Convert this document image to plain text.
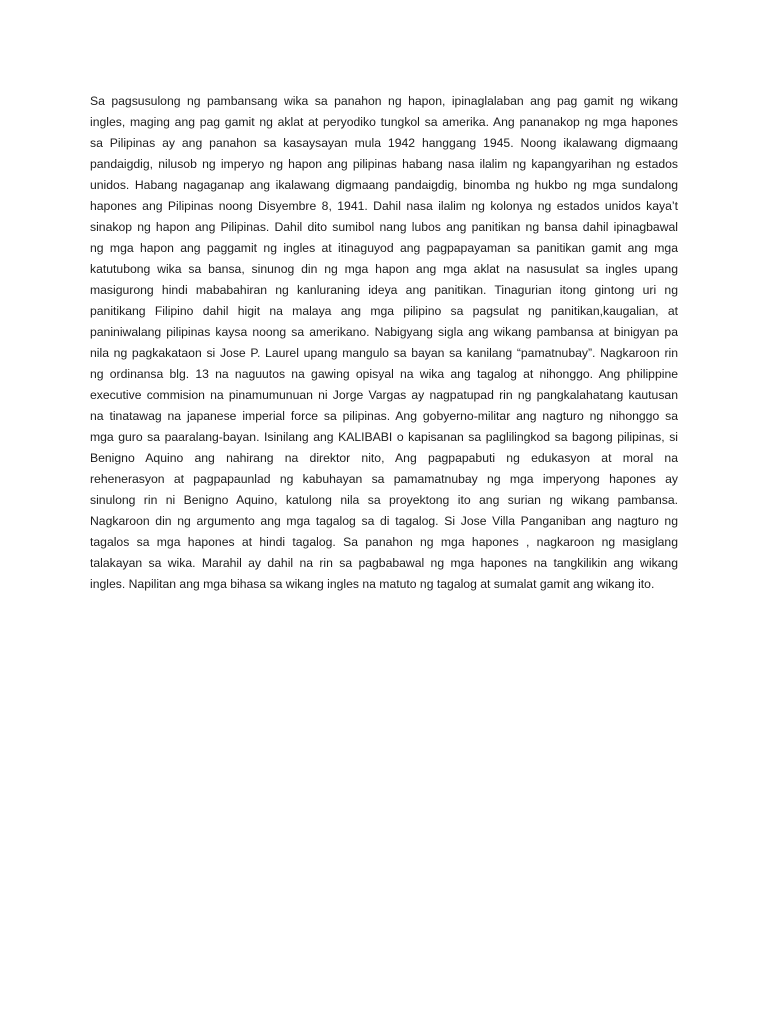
Sa pagsusulong ng pambansang wika sa panahon ng hapon, ipinaglalaban ang pag gamit ng wikang
ingles, maging ang pag gamit ng aklat at peryodiko tungkol sa amerika. Ang pananakop ng mga hapones
sa Pilipinas ay ang panahon sa kasaysayan mula 1942 hanggang 1945. Noong ikalawang digmaang
pandaigdig, nilusob ng imperyo ng hapon ang pilipinas habang nasa ilalim ng kapangyarihan ng estados
unidos. Habang nagaganap ang ikalawang digmaang pandaigdig, binomba ng hukbo ng mga sundalong
hapones ang Pilipinas noong Disyembre 8, 1941. Dahil nasa ilalim ng kolonya ng estados unidos kaya’t
sinakop ng hapon ang Pilipinas. Dahil dito sumibol nang lubos ang panitikan ng bansa dahil ipinagbawal
ng mga hapon ang paggamit ng ingles at itinaguyod ang pagpapayaman sa panitikan gamit ang mga
katutubong wika sa bansa, sinunog din ng mga hapon ang mga aklat na nasusulat sa ingles upang
masigurong hindi mababahiran ng kanluraning ideya ang panitikan. Tinagurian itong gintong uri ng
panitikang Filipino dahil higit na malaya ang mga pilipino sa pagsulat ng panitikan,kaugalian, at
paniniwalang pilipinas kaysa noong sa amerikano. Nabigyang sigla ang wikang pambansa at binigyan pa
nila ng pagkakataon si Jose P. Laurel upang mangulo sa bayan sa kanilang “pamatnubay”. Nagkaroon rin
ng ordinansa blg. 13 na naguutos na gawing opisyal na wika ang tagalog at nihonggo. Ang philippine
executive commision na pinamumunuan ni Jorge Vargas ay nagpatupad rin ng pangkalahatang kautusan
na tinatawag na japanese imperial force sa pilipinas. Ang gobyerno-militar ang nagturo ng nihonggo sa
mga guro sa paaralang-bayan. Isinilang ang KALIBABI o kapisanan sa paglilingkod sa bagong pilipinas, si
Benigno Aquino ang nahirang na direktor nito, Ang pagpapabuti ng edukasyon at moral na
rehenerasyon at pagpapaunlad ng kabuhayan sa pamamatnubay ng mga imperyong hapones ay
sinulong rin ni Benigno Aquino, katulong nila sa proyektong ito ang surian ng wikang pambansa.
Nagkaroon din ng argumento ang mga tagalog sa di tagalog. Si Jose Villa Panganiban ang nagturo ng
tagalos sa mga hapones at hindi tagalog. Sa panahon ng mga hapones , nagkaroon ng masiglang
talakayan sa wika. Marahil ay dahil na rin sa pagbabawal ng mga hapones na tangkilikin ang wikang
ingles. Napilitan ang mga bihasa sa wikang ingles na matuto ng tagalog at sumalat gamit ang wikang ito.
